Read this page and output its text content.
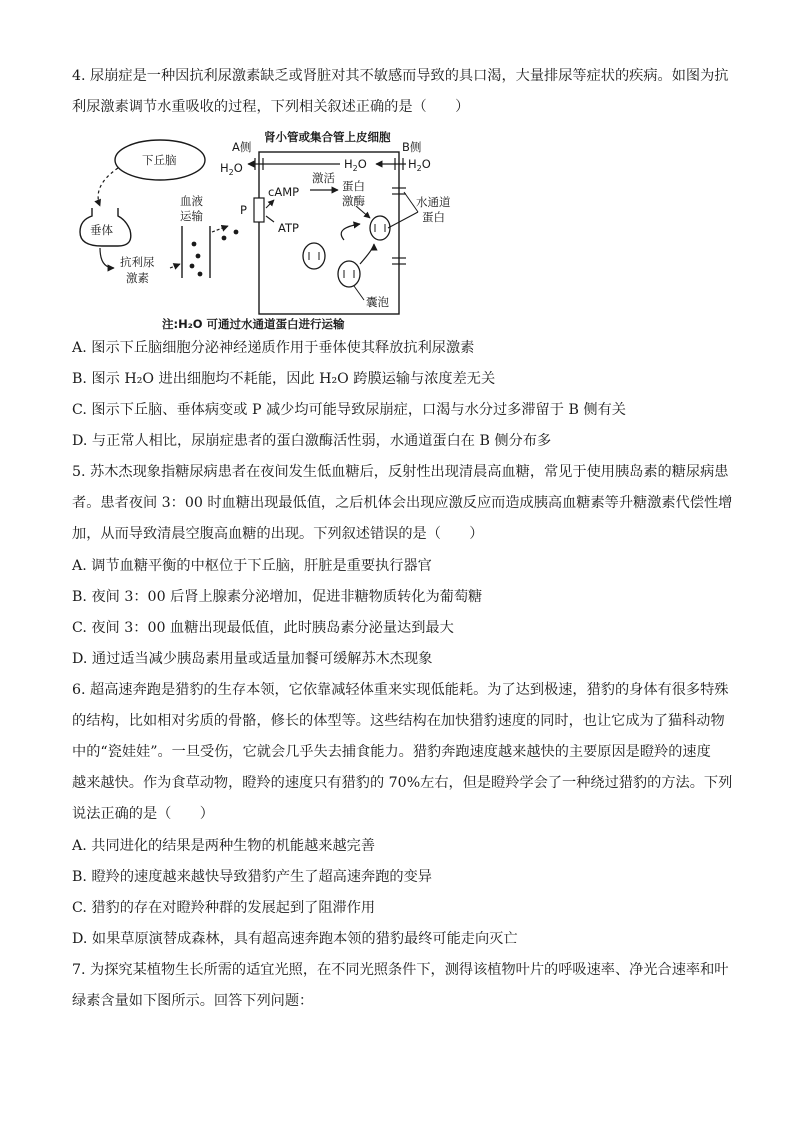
4. 尿崩症是一种因抗利尿激素缺乏或肾脏对其不敏感而导致的具口渴，大量排尿等症状的疾病。如图为抗
利尿激素调节水重吸收的过程，下列相关叙述正确的是（　　）
肾小管或集合管上皮细胞
下丘脑
垂体
抗利尿
激素
血液
运输	P
A侧	B侧
$H_2O$	$H_2O$	$H_2O$
cAMP
激活
蛋白
激酶
ATP
水通道
蛋白
囊泡
注:H₂O 可通过水通道蛋白进行运输
A. 图示下丘脑细胞分泌神经递质作用于垂体使其释放抗利尿激素
B. 图示 H₂O 进出细胞均不耗能，因此 H₂O 跨膜运输与浓度差无关
C. 图示下丘脑、垂体病变或 P 减少均可能导致尿崩症，口渴与水分过多滞留于 B 侧有关
D. 与正常人相比，尿崩症患者的蛋白激酶活性弱，水通道蛋白在 B 侧分布多
5. 苏木杰现象指糖尿病患者在夜间发生低血糖后，反射性出现清晨高血糖，常见于使用胰岛素的糖尿病患
者。患者夜间 3：00 时血糖出现最低值，之后机体会出现应激反应而造成胰高血糖素等升糖激素代偿性增
加，从而导致清晨空腹高血糖的出现。下列叙述错误的是（　　）
A. 调节血糖平衡的中枢位于下丘脑，肝脏是重要执行器官
B. 夜间 3：00 后肾上腺素分泌增加，促进非糖物质转化为葡萄糖
C. 夜间 3：00 血糖出现最低值，此时胰岛素分泌量达到最大
D. 通过适当减少胰岛素用量或适量加餐可缓解苏木杰现象
6. 超高速奔跑是猎豹的生存本领，它依靠减轻体重来实现低能耗。为了达到极速，猎豹的身体有很多特殊
的结构，比如相对劣质的骨骼，修长的体型等。这些结构在加快猎豹速度的同时，也让它成为了猫科动物
中的“瓷娃娃”。一旦受伤，它就会几乎失去捕食能力。猎豹奔跑速度越来越快的主要原因是瞪羚的速度
越来越快。作为食草动物，瞪羚的速度只有猎豹的 70%左右，但是瞪羚学会了一种绕过猎豹的方法。下列
说法正确的是（　　）
A. 共同进化的结果是两种生物的机能越来越完善
B. 瞪羚的速度越来越快导致猎豹产生了超高速奔跑的变异
C. 猎豹的存在对瞪羚种群的发展起到了阻滞作用
D. 如果草原演替成森林，具有超高速奔跑本领的猎豹最终可能走向灭亡
7. 为探究某植物生长所需的适宜光照，在不同光照条件下，测得该植物叶片的呼吸速率、净光合速率和叶
绿素含量如下图所示。回答下列问题：
